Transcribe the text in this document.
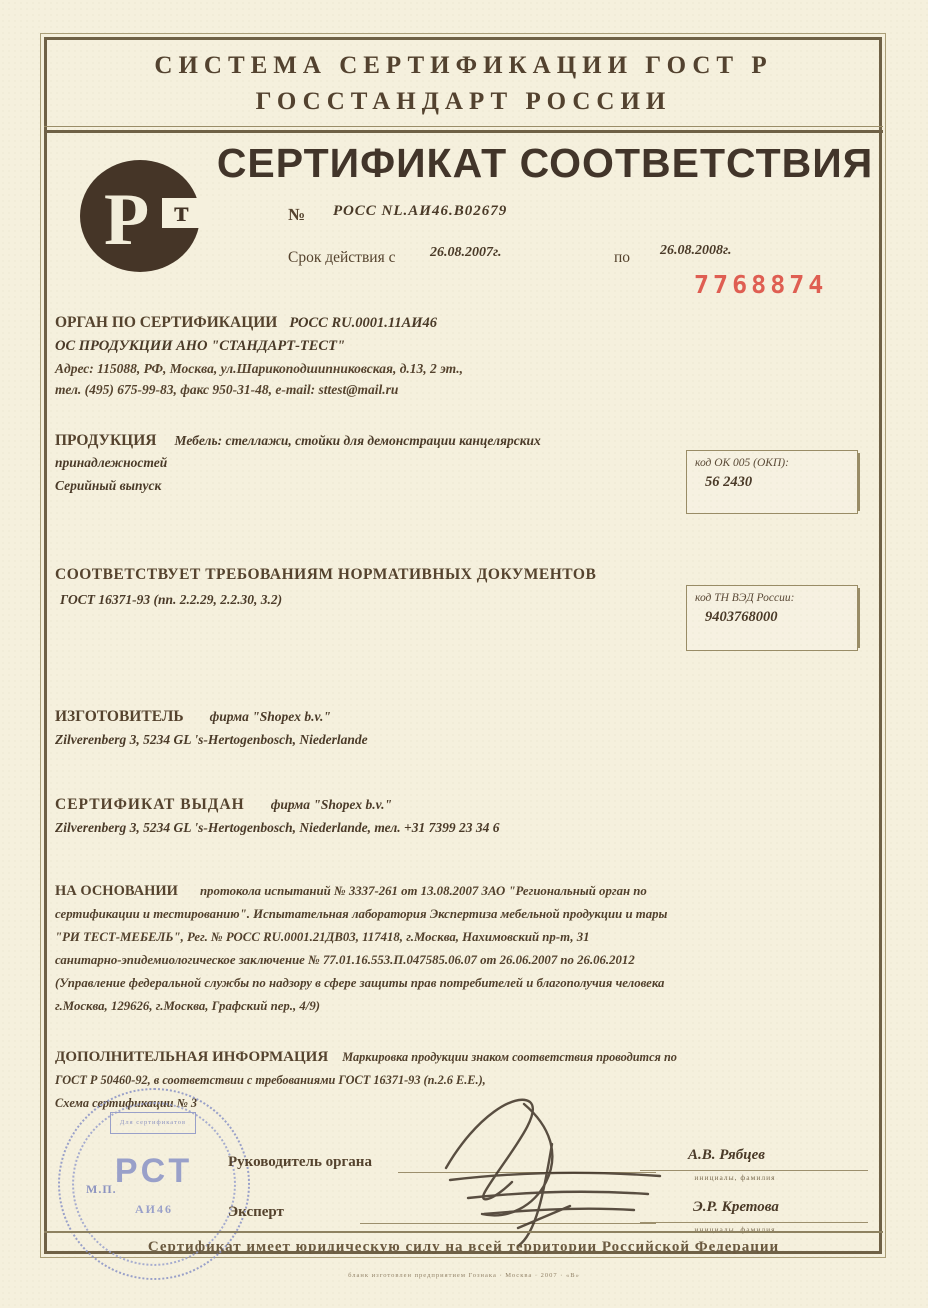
СИСТЕМА СЕРТИФИКАЦИИ ГОСТ Р
ГОССТАНДАРТ РОССИИ
СЕРТИФИКАТ СООТВЕТСТВИЯ
Р т	№ РОСС NL.АИ46.В02679
Срок действия с 26.08.2007г.	по 26.08.2008г.
7768874
ОРГАН ПО СЕРТИФИКАЦИИ РОСС RU.0001.11АИ46
ОС ПРОДУКЦИИ АНО "СТАНДАРТ-ТЕСТ"
Адрес: 115088, РФ, Москва, ул.Шарикоподшипниковская, д.13, 2 эт.,
тел. (495) 675-99-83, факс 950-31-48, e-mail: sttest@mail.ru
ПРОДУКЦИЯ Мебель: стеллажи, стойки для демонстрации канцелярских
принадлежностей
Серийный выпуск
код ОК 005 (ОКП):
56 2430
СООТВЕТСТВУЕТ ТРЕБОВАНИЯМ НОРМАТИВНЫХ ДОКУМЕНТОВ
ГОСТ 16371-93 (пп. 2.2.29, 2.2.30, 3.2)	код ТН ВЭД России:
9403768000
ИЗГОТОВИТЕЛЬ фирма "Shopex b.v."
Zilverenberg 3, 5234 GL 's-Hertogenbosch, Niederlande
СЕРТИФИКАТ ВЫДАН фирма "Shopex b.v."
Zilverenberg 3, 5234 GL 's-Hertogenbosch, Niederlande, тел. +31 7399 23 34 6
НА ОСНОВАНИИ протокола испытаний № 3337-261 от 13.08.2007 ЗАО "Региональный орган по
сертификации и тестированию". Испытательная лаборатория Экспертиза мебельной продукции и тары
"РИ ТЕСТ-МЕБЕЛЬ", Рег. № РОСС RU.0001.21ДВ03, 117418, г.Москва, Нахимовский пр-т, 31
санитарно-эпидемиологическое заключение № 77.01.16.553.П.047585.06.07 от 26.06.2007 по 26.06.2012
(Управление федеральной службы по надзору в сфере защиты прав потребителей и благополучия человека
г.Москва, 129626, г.Москва, Графский пер., 4/9)
ДОПОЛНИТЕЛЬНАЯ ИНФОРМАЦИЯ Маркировка продукции знаком соответствия проводится по
ГОСТ Р 50460-92, в соответствии с требованиями ГОСТ 16371-93 (п.2.6 Е.Е.),
Схема сертификации № 3
Для сертификатов
РСТ
М.П.
АИ46
Руководитель органа	А.В. Рябцев
инициалы, фамилия
Эксперт	Э.Р. Кретова
инициалы, фамилия
Сертификат имеет юридическую силу на всей территории Российской Федерации
бланк изготовлен предприятием Гознака · Москва · 2007 · «В»
